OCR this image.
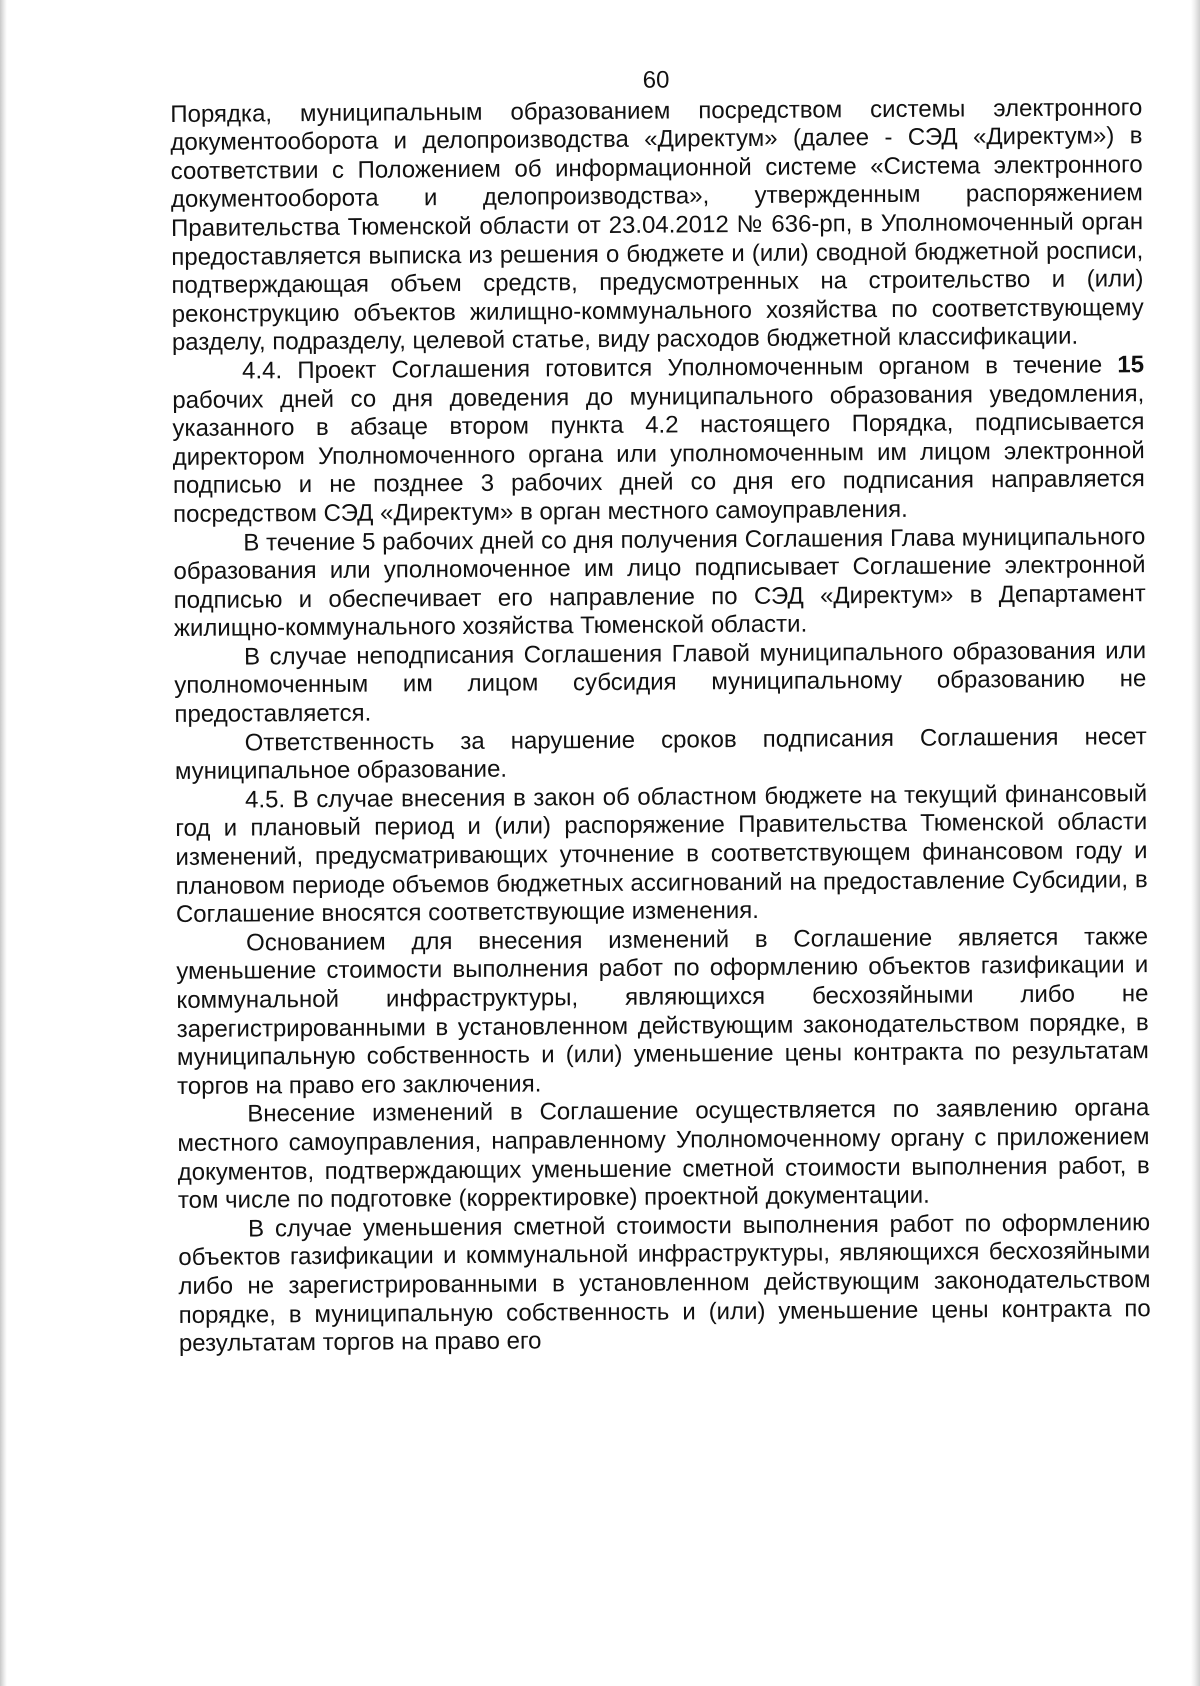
60

Порядка, муниципальным образованием посредством системы электронного документооборота и делопроизводства «Директум» (далее - СЭД «Директум») в соответствии с Положением об информационной системе «Система электронного документооборота и делопроизводства», утвержденным распоряжением Правительства Тюменской области от 23.04.2012 № 636-рп, в Уполномоченный орган предоставляется выписка из решения о бюджете и (или) сводной бюджетной росписи, подтверждающая объем средств, предусмотренных на строительство и (или) реконструкцию объектов жилищно-коммунального хозяйства по соответствующему разделу, подразделу, целевой статье, виду расходов бюджетной классификации.

4.4. Проект Соглашения готовится Уполномоченным органом в течение 15 рабочих дней со дня доведения до муниципального образования уведомления, указанного в абзаце втором пункта 4.2 настоящего Порядка, подписывается директором Уполномоченного органа или уполномоченным им лицом электронной подписью и не позднее 3 рабочих дней со дня его подписания направляется посредством СЭД «Директум» в орган местного самоуправления.

В течение 5 рабочих дней со дня получения Соглашения Глава муниципального образования или уполномоченное им лицо подписывает Соглашение электронной подписью и обеспечивает его направление по СЭД «Директум» в Департамент жилищно-коммунального хозяйства Тюменской области.

В случае неподписания Соглашения Главой муниципального образования или уполномоченным им лицом субсидия муниципальному образованию не предоставляется.

Ответственность за нарушение сроков подписания Соглашения несет муниципальное образование.

4.5. В случае внесения в закон об областном бюджете на текущий финансовый год и плановый период и (или) распоряжение Правительства Тюменской области изменений, предусматривающих уточнение в соответствующем финансовом году и плановом периоде объемов бюджетных ассигнований на предоставление Субсидии, в Соглашение вносятся соответствующие изменения.

Основанием для внесения изменений в Соглашение является также уменьшение стоимости выполнения работ по оформлению объектов газификации и коммунальной инфраструктуры, являющихся бесхозяйными либо не зарегистрированными в установленном действующим законодательством порядке, в муниципальную собственность и (или) уменьшение цены контракта по результатам торгов на право его заключения.

Внесение изменений в Соглашение осуществляется по заявлению органа местного самоуправления, направленному Уполномоченному органу с приложением документов, подтверждающих уменьшение сметной стоимости выполнения работ, в том числе по подготовке (корректировке) проектной документации.

В случае уменьшения сметной стоимости выполнения работ по оформлению объектов газификации и коммунальной инфраструктуры, являющихся бесхозяйными либо не зарегистрированными в установленном действующим законодательством порядке, в муниципальную собственность и (или) уменьшение цены контракта по результатам торгов на право его
